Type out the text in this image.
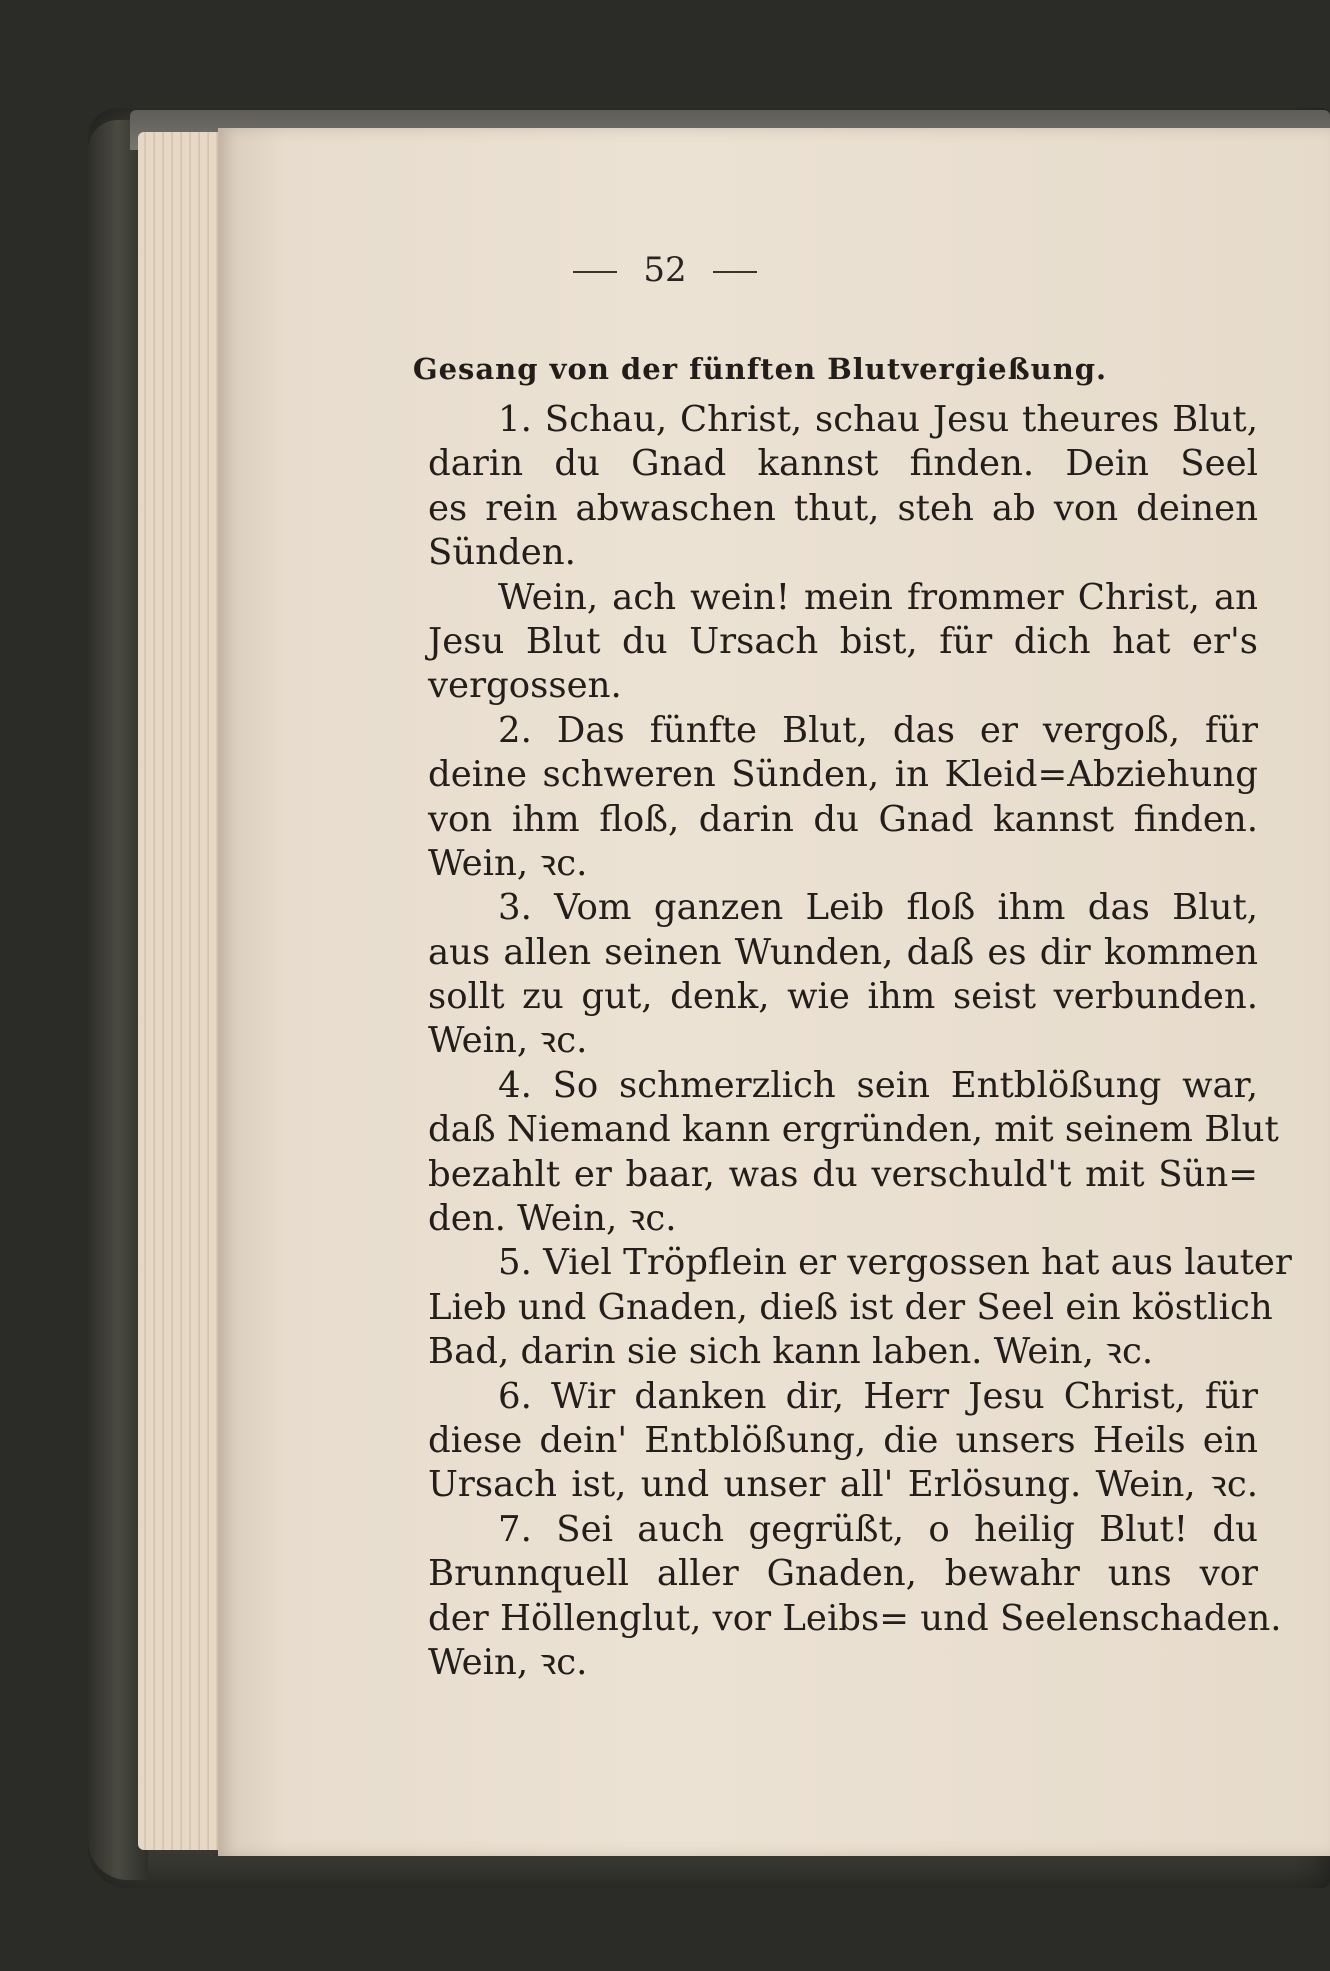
52
Gesang von der fünften Blutvergießung.
1. Schau, Christ, schau Jesu theures Blut,
darin du Gnad kannst finden. Dein Seel
es rein abwaschen thut, steh ab von deinen
Sünden.
Wein, ach wein! mein frommer Christ, an
Jesu Blut du Ursach bist, für dich hat er's
vergossen.
2. Das fünfte Blut, das er vergoß, für
deine schweren Sünden, in Kleid=Abziehung
von ihm floß, darin du Gnad kannst finden.
Wein, ꝛc.
3. Vom ganzen Leib floß ihm das Blut,
aus allen seinen Wunden, daß es dir kommen
sollt zu gut, denk, wie ihm seist verbunden.
Wein, ꝛc.
4. So schmerzlich sein Entblößung war,
daß Niemand kann ergründen, mit seinem Blut
bezahlt er baar, was du verschuld't mit Sün=
den. Wein, ꝛc.
5. Viel Tröpflein er vergossen hat aus lauter
Lieb und Gnaden, dieß ist der Seel ein köstlich
Bad, darin sie sich kann laben. Wein, ꝛc.
6. Wir danken dir, Herr Jesu Christ, für
diese dein' Entblößung, die unsers Heils ein
Ursach ist, und unser all' Erlösung. Wein, ꝛc.
7. Sei auch gegrüßt, o heilig Blut! du
Brunnquell aller Gnaden, bewahr uns vor
der Höllenglut, vor Leibs= und Seelenschaden.
Wein, ꝛc.
